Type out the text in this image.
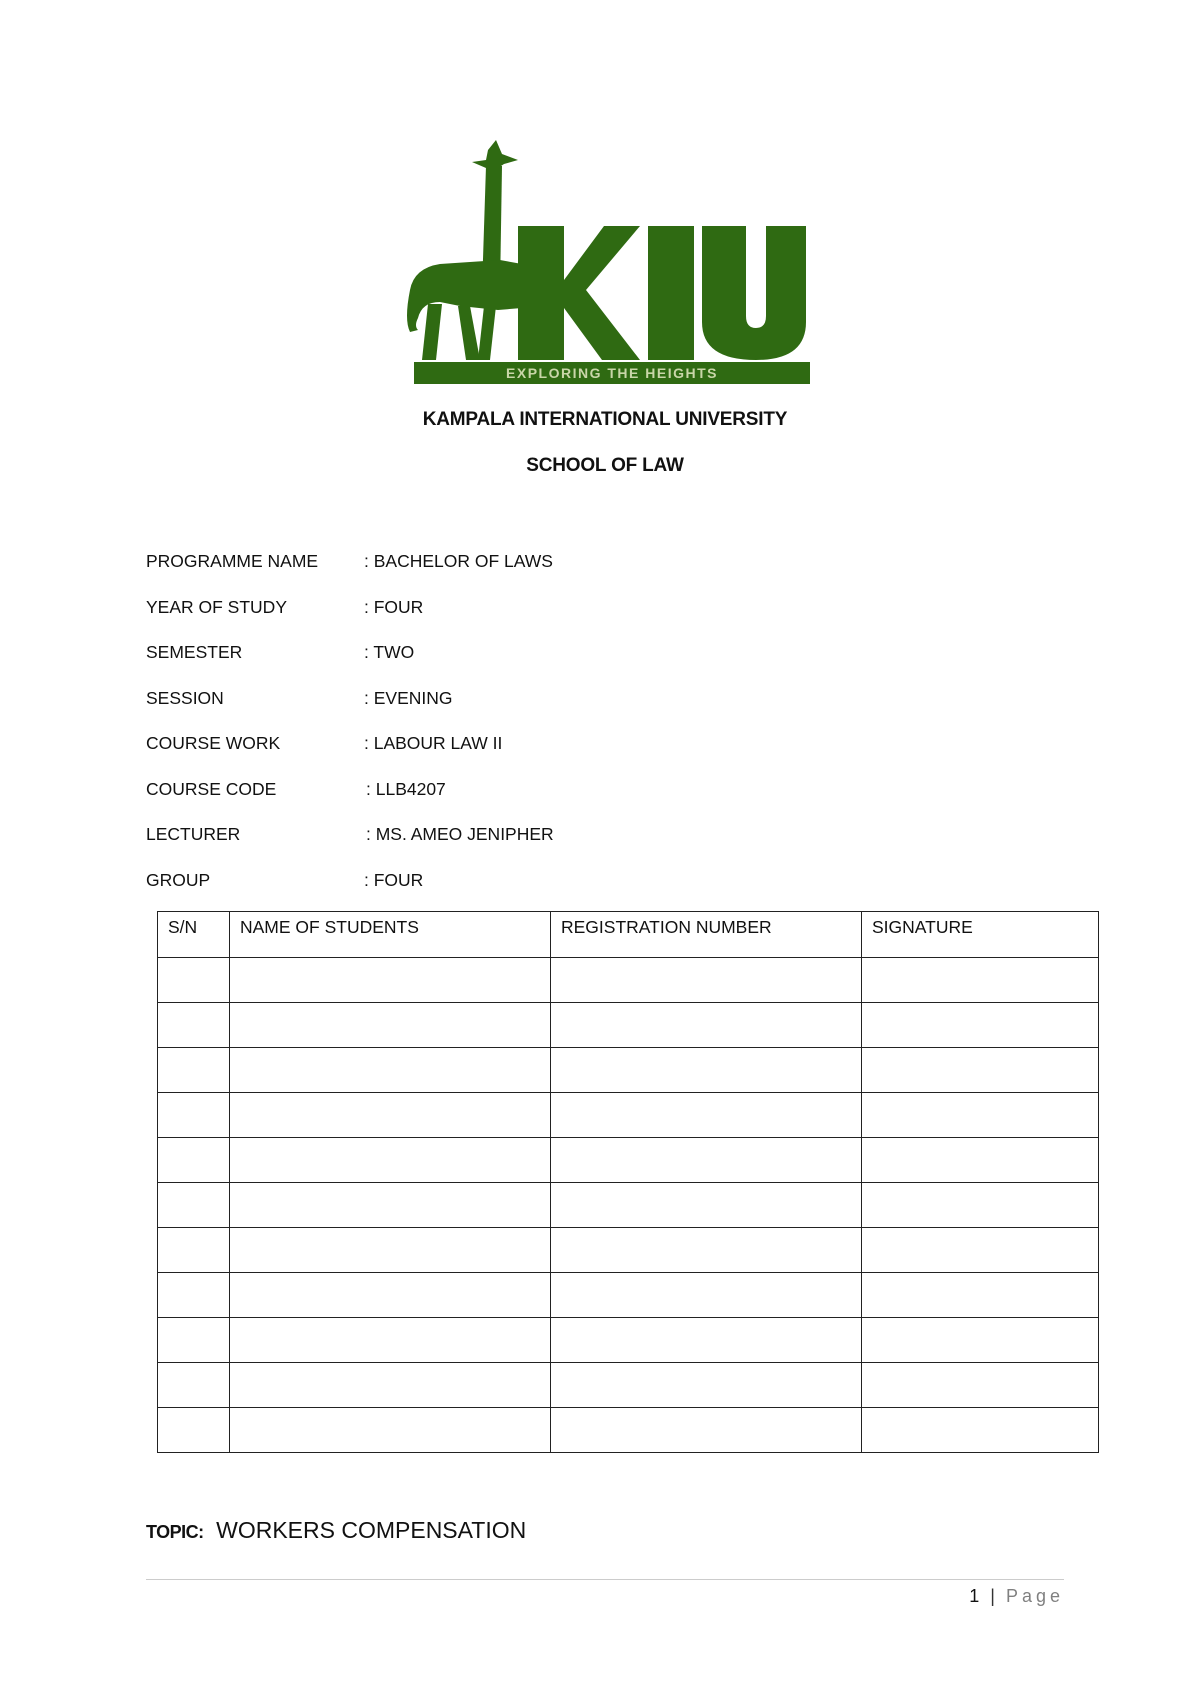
EXPLORING THE HEIGHTS
KAMPALA INTERNATIONAL UNIVERSITY
SCHOOL OF LAW
PROGRAMME NAME	: BACHELOR OF LAWS
YEAR OF STUDY	: FOUR
SEMESTER	: TWO
SESSION	: EVENING
COURSE WORK	: LABOUR LAW II
COURSE CODE	: LLB4207
LECTURER	: MS. AMEO JENIPHER
GROUP	: FOUR
S/N	NAME OF STUDENTS	REGISTRATION NUMBER	SIGNATURE

TOPIC: WORKERS COMPENSATION
1 | Page
